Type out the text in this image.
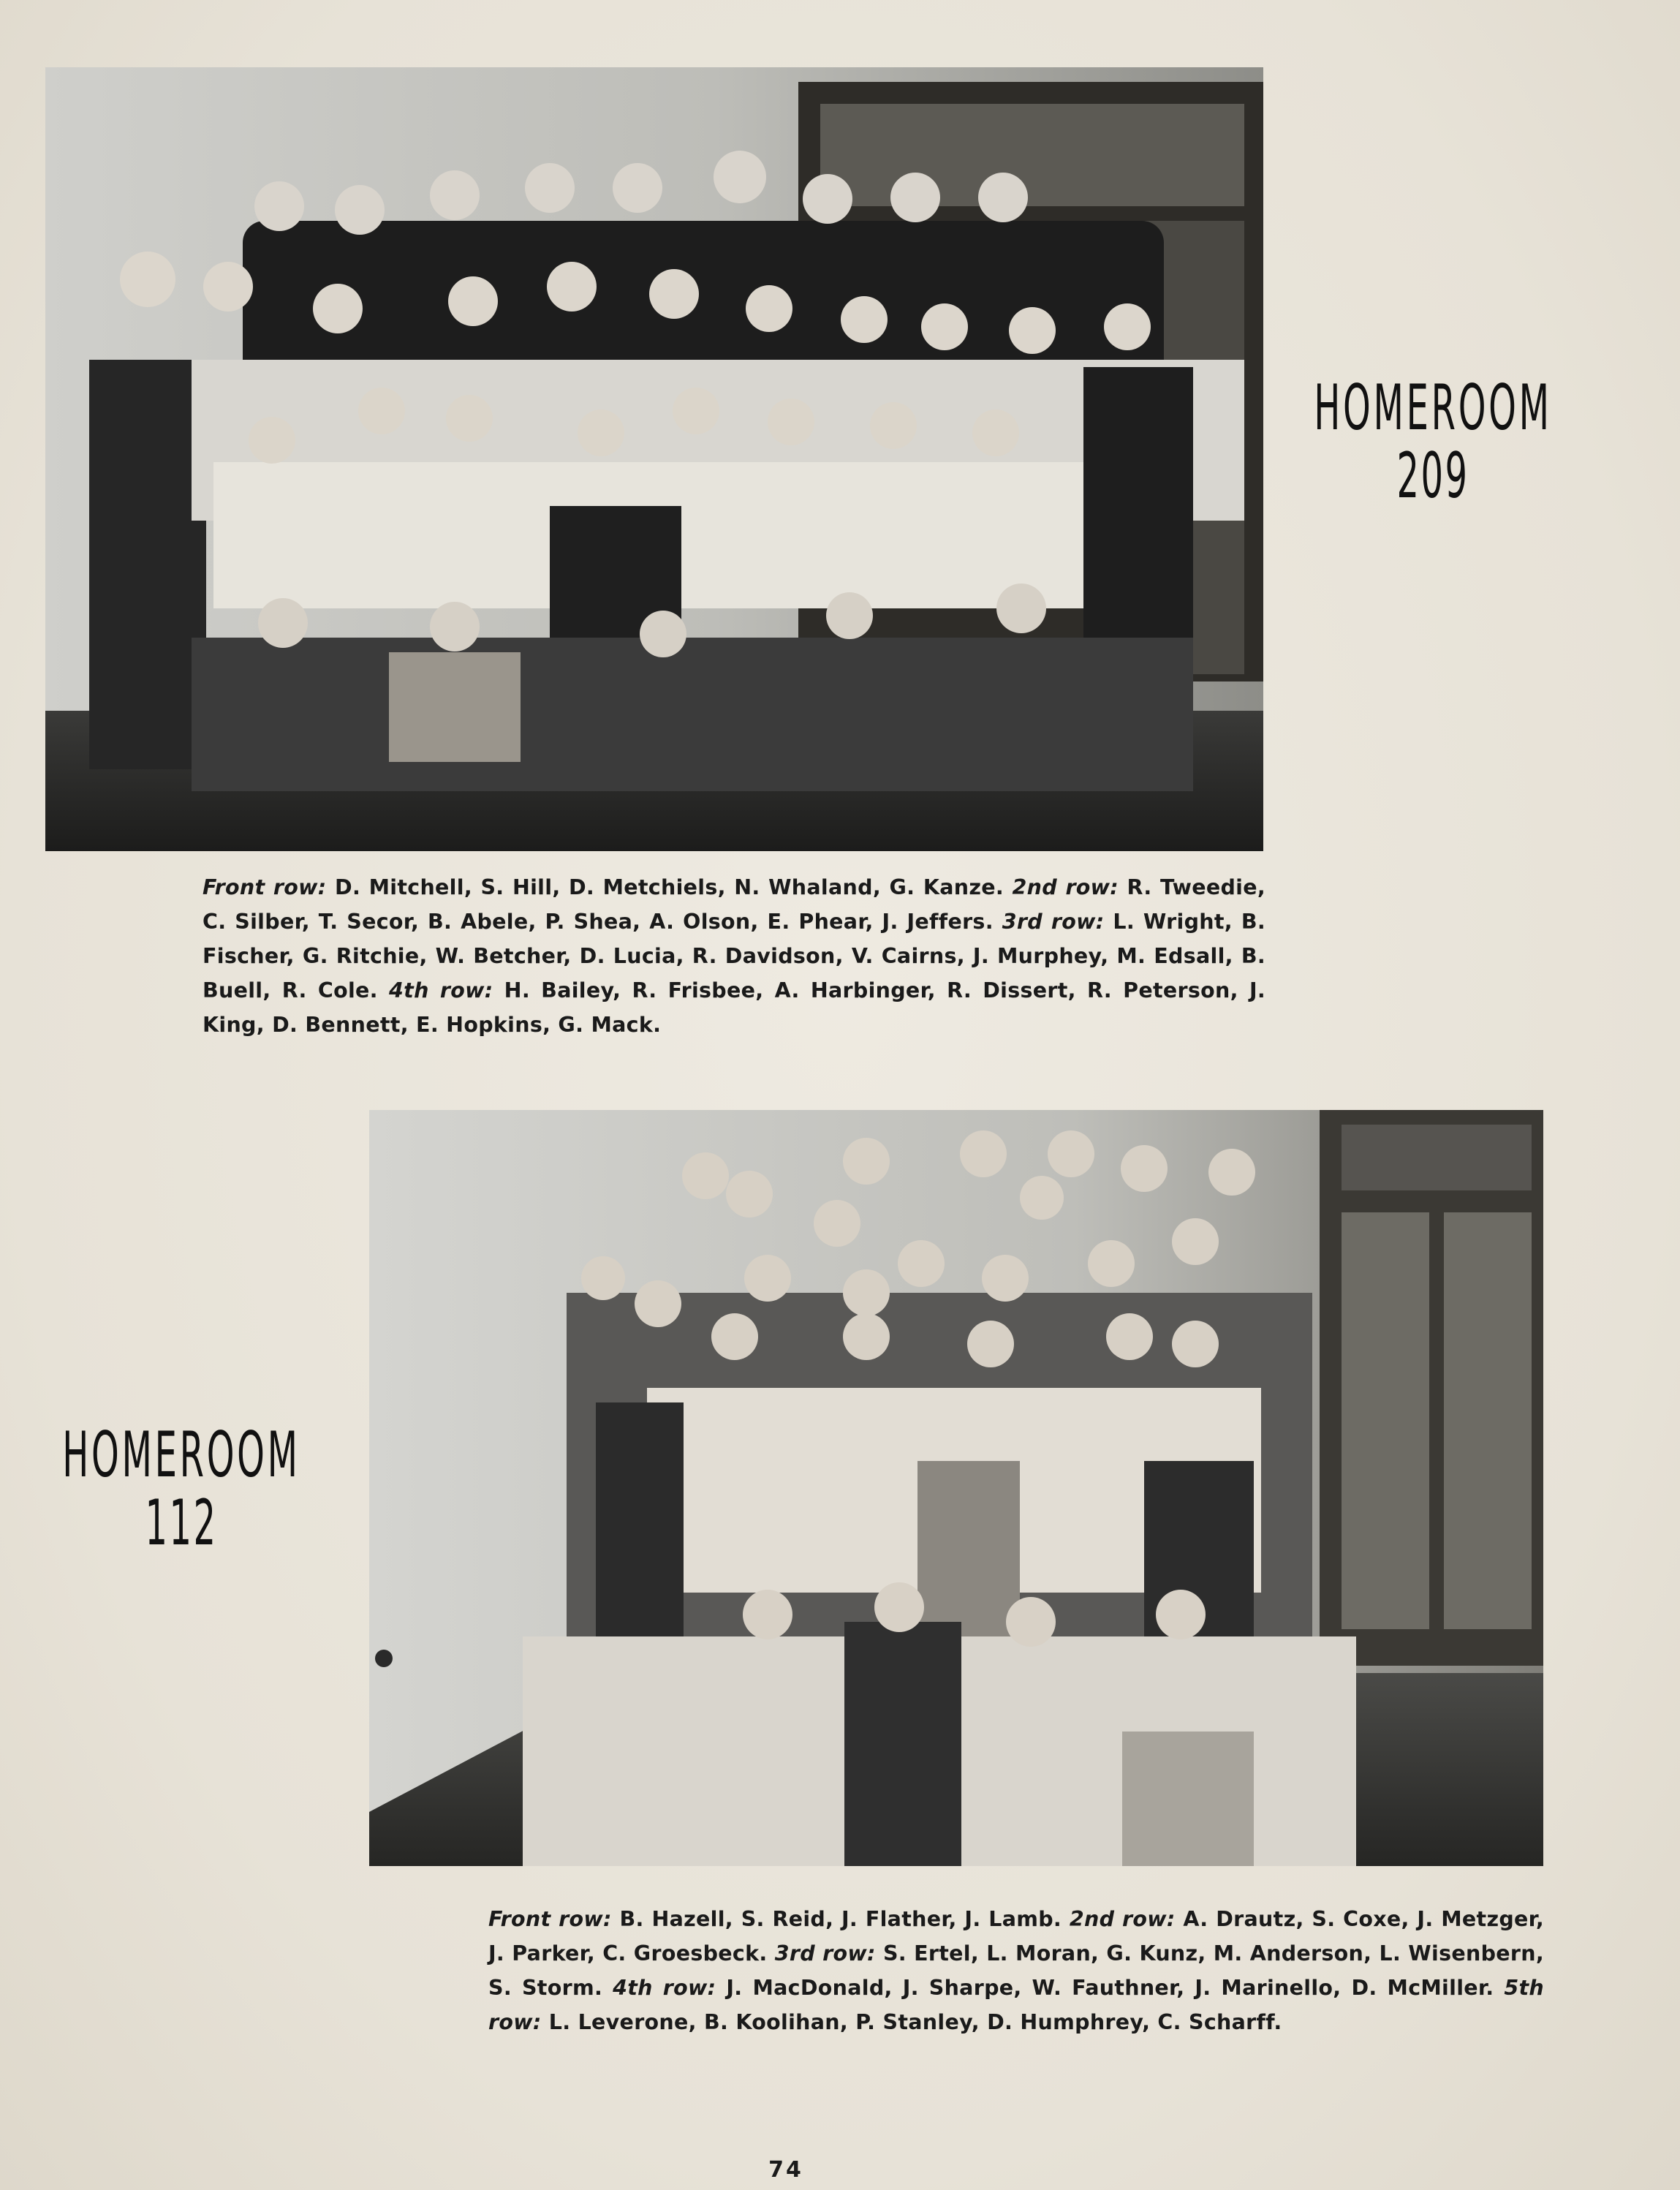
HOMEROOM
209
Front row: D. Mitchell, S. Hill, D. Metchiels, N. Whaland, G. Kanze. 2nd row: R. Tweedie, C. Silber, T. Secor, B. Abele, P. Shea, A. Olson, E. Phear, J. Jeffers. 3rd row: L. Wright, B. Fischer, G. Ritchie, W. Betcher, D. Lucia, R. Davidson, V. Cairns, J. Murphey, M. Edsall, B. Buell, R. Cole. 4th row: H. Bailey, R. Frisbee, A. Harbinger, R. Dissert, R. Peterson, J. King, D. Bennett, E. Hopkins, G. Mack.
HOMEROOM
112
Front row: B. Hazell, S. Reid, J. Flather, J. Lamb. 2nd row: A. Drautz, S. Coxe, J. Metzger, J. Parker, C. Groesbeck. 3rd row: S. Ertel, L. Moran, G. Kunz, M. Anderson, L. Wisenbern, S. Storm. 4th row: J. MacDonald, J. Sharpe, W. Fauthner, J. Marinello, D. McMiller. 5th row: L. Leverone, B. Koolihan, P. Stanley, D. Humphrey, C. Scharff.
74
